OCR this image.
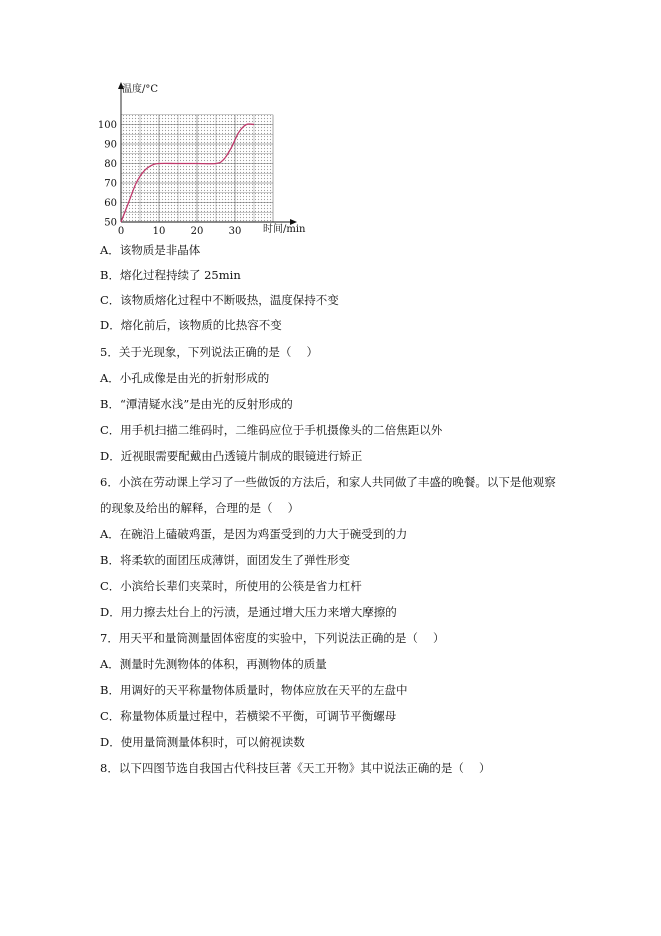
50
60
70
80
90
100
0	10	20	30
温度/°C
时间/min
A．该物质是非晶体
B．熔化过程持续了 25min
C．该物质熔化过程中不断吸热，温度保持不变
D．熔化前后，该物质的比热容不变
5．关于光现象，下列说法正确的是（　 ）
A．小孔成像是由光的折射形成的
B．“潭清疑水浅”是由光的反射形成的
C．用手机扫描二维码时，二维码应位于手机摄像头的二倍焦距以外
D．近视眼需要配戴由凸透镜片制成的眼镜进行矫正
6．小滨在劳动课上学习了一些做饭的方法后，和家人共同做了丰盛的晚餐。以下是他观察
的现象及给出的解释，合理的是（　 ）
A．在碗沿上磕破鸡蛋，是因为鸡蛋受到的力大于碗受到的力
B．将柔软的面团压成薄饼，面团发生了弹性形变
C．小滨给长辈们夹菜时，所使用的公筷是省力杠杆
D．用力擦去灶台上的污渍，是通过增大压力来增大摩擦的
7．用天平和量筒测量固体密度的实验中，下列说法正确的是（　 ）
A．测量时先测物体的体积，再测物体的质量
B．用调好的天平称量物体质量时，物体应放在天平的左盘中
C．称量物体质量过程中，若横梁不平衡，可调节平衡螺母
D．使用量筒测量体积时，可以俯视读数
8．以下四图节选自我国古代科技巨著《天工开物》其中说法正确的是（　 ）
